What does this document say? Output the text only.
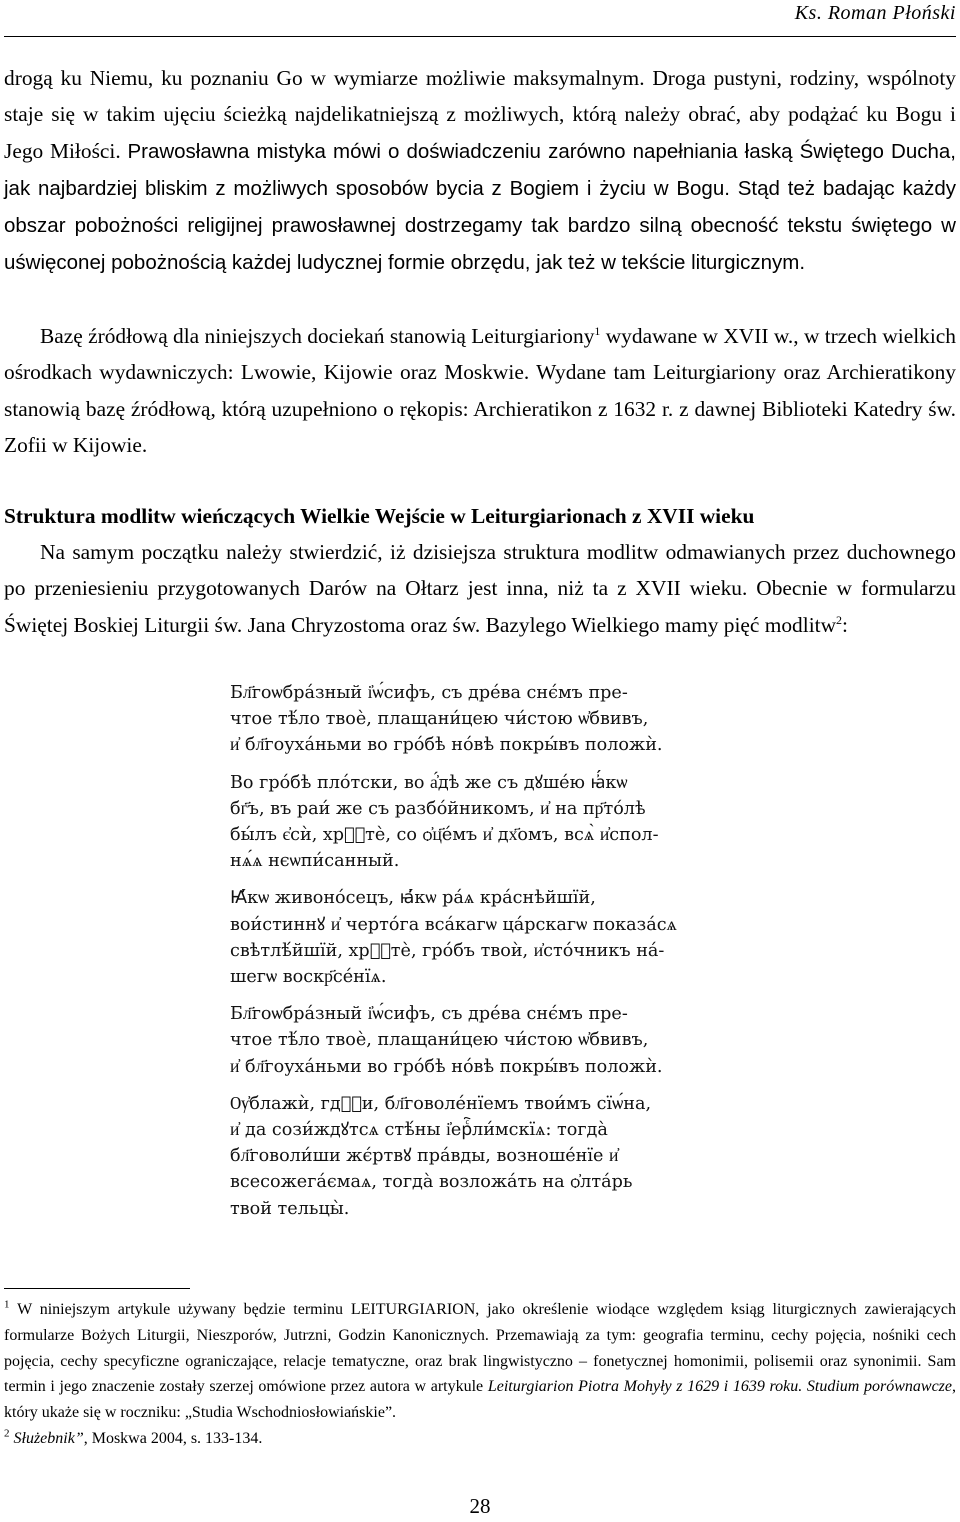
Ks. Roman Płoński

drogą ku Niemu, ku poznaniu Go w wymiarze możliwie maksymalnym. Droga pustyni, rodziny, wspólnoty staje się w takim ujęciu ścieżką najdelikatniejszą z możliwych, którą należy obrać, aby podążać ku Bogu i Jego Miłości. Prawosławna mistyka mówi o doświadczeniu zarówno napełniania łaską Świętego Ducha, jak najbardziej bliskim z możliwych sposobów bycia z Bogiem i życiu w Bogu. Stąd też badając każdy obszar pobożności religijnej prawosławnej dostrzegamy tak bardzo silną obecność tekstu świętego w uświęconej pobożnością każdej ludycznej formie obrzędu, jak też w tekście liturgicznym.

Bazę źródłową dla niniejszych dociekań stanowią Leiturgiariony$^1$ wydawane w XVII w., w trzech wielkich ośrodkach wydawniczych: Lwowie, Kijowie oraz Moskwie. Wydane tam Leiturgiariony oraz Archieratikony stanowią bazę źródłową, którą uzupełniono o rękopis: Archieratikon z 1632 r. z dawnej Biblioteki Katedry św. Zofii w Kijowie.

Struktura modlitw wieńczących Wielkie Wejście w Leiturgiarionach z XVII wieku

Na samym początku należy stwierdzić, iż dzisiejsza struktura modlitw odmawianych przez duchownego po przeniesieniu przygotowanych Darów na Ołtarz jest inna, niż ta z XVII wieku. Obecnie w formularzu Świętej Boskiej Liturgii św. Jana Chryzostoma oraz św. Bazylego Wielkiego mamy pięć modlitw$^2$:

Бл҃гоѡбра́зный і҆ѡ́сифъ, съ дре́ва снє́мъ пре-
чтое тѣ́ло твоѐ, плащани́цею чи́стою ѡ҆бвивъ,
и҆ бл҃гоуха́ньми во гро́бѣ но́вѣ покры́въ положѝ.
Во гро́бѣ пло́тски, во а҆́дѣ же съ дꙋше́ю ꙗ҆́кѡ
бг҃ъ, въ раи́ же съ разбо́йникомъ, и҆ на пр҃то́лѣ
бы́лъ є҆сѝ, хрⷭ҇тѐ, со ѻ҆ц҃е́мъ и҆ дх҃омъ, всѧ̀ и҆спол-
нѧ́ѧ нєѡпи́санный.
Ꙗ҆́кѡ живоно́сецъ, ꙗ҆́кѡ ра́ѧ кра́снѣйшїй,
вои́стиннꙋ и҆ черто́га вса́кагѡ ца́рскагѡ показа́сѧ
свѣтлѣ́йшїй, хрⷭ҇тѐ, гро́бъ твоѝ, и҆сто́чникъ на́-
шегѡ воскр҃се́нїѧ.
Бл҃гоѡбра́зный і҆ѡ́сифъ, съ дре́ва снє́мъ пре-
чтое тѣ́ло твоѐ, плащани́цею чи́стою ѡ҆бвивъ,
и҆ бл҃гоуха́ньми во гро́бѣ но́вѣ покры́въ положѝ.
Ѹ҆блажѝ, гдⷭ҇и, бл҃говоле́нїемъ твои́мъ сїѡ́на,
и҆ да сози́ждꙋтсѧ стѣ́ны і҆ерⷭ҇ли́мскїѧ: тогда̀
бл҃говоли́ши жє́ртвꙋ пра́вды, возноше́нїе и҆
всесожега́ємаѧ, тогда̀ возложа́ть на ѻ҆лта́рь
твой тельцы̀.

$^1$ W niniejszym artykule używany będzie terminu LEITURGIARION, jako określenie wiodące względem ksiąg liturgicznych zawierających formularze Bożych Liturgii, Nieszporów, Jutrzni, Godzin Kanonicznych. Przemawiają za tym: geografia terminu, cechy pojęcia, nośniki cech pojęcia, cechy specyficzne ograniczające, relacje tematyczne, oraz brak lingwistyczno – fonetycznej homonimii, polisemii oraz synonimii. Sam termin i jego znaczenie zostały szerzej omówione przez autora w artykule Leiturgiarion Piotra Mohyły z 1629 i 1639 roku. Studium porównawcze, który ukaże się w roczniku: „Studia Wschodniosłowiańskie”.

$^2$ Służebnik”, Moskwa 2004, s. 133-134.

28
